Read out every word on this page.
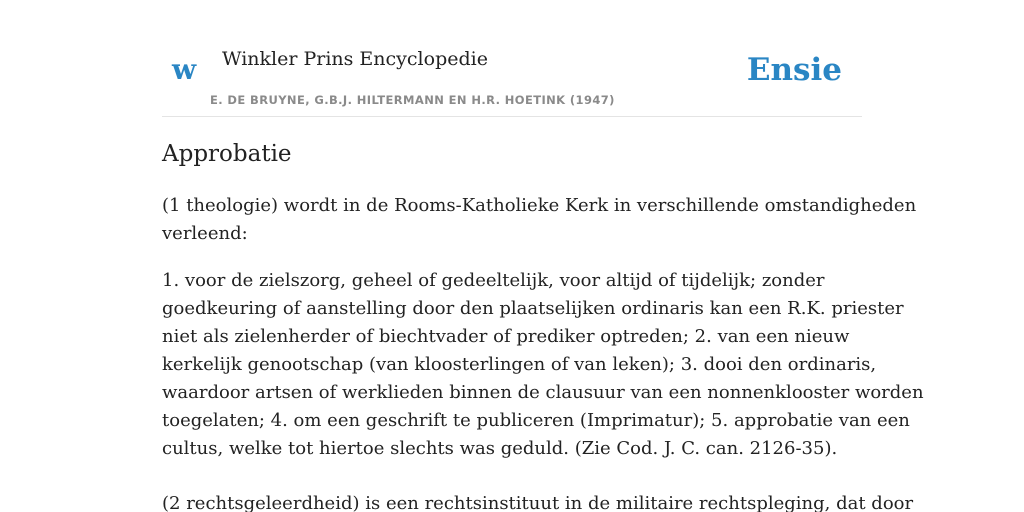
w Winkler Prins Encyclopedie
E. DE BRUYNE, G.B.J. HILTERMANN EN H.R. HOETINK (1947)
Ensie
Approbatie

(1 theologie) wordt in de Rooms-Katholieke Kerk in verschillende omstandigheden
verleend:

1. voor de zielszorg, geheel of gedeeltelijk, voor altijd of tijdelijk; zonder
goedkeuring of aanstelling door den plaatselijken ordinaris kan een R.K. priester
niet als zielenherder of biechtvader of prediker optreden; 2. van een nieuw
kerkelijk genootschap (van kloosterlingen of van leken); 3. dooi den ordinaris,
waardoor artsen of werklieden binnen de clausuur van een nonnenklooster worden
toegelaten; 4. om een geschrift te publiceren (Imprimatur); 5. approbatie van een
cultus, welke tot hiertoe slechts was geduld. (Zie Cod. J. C. can. 2126-35).

(2 rechtsgeleerdheid) is een rechtsinstituut in de militaire rechtspleging, dat door
